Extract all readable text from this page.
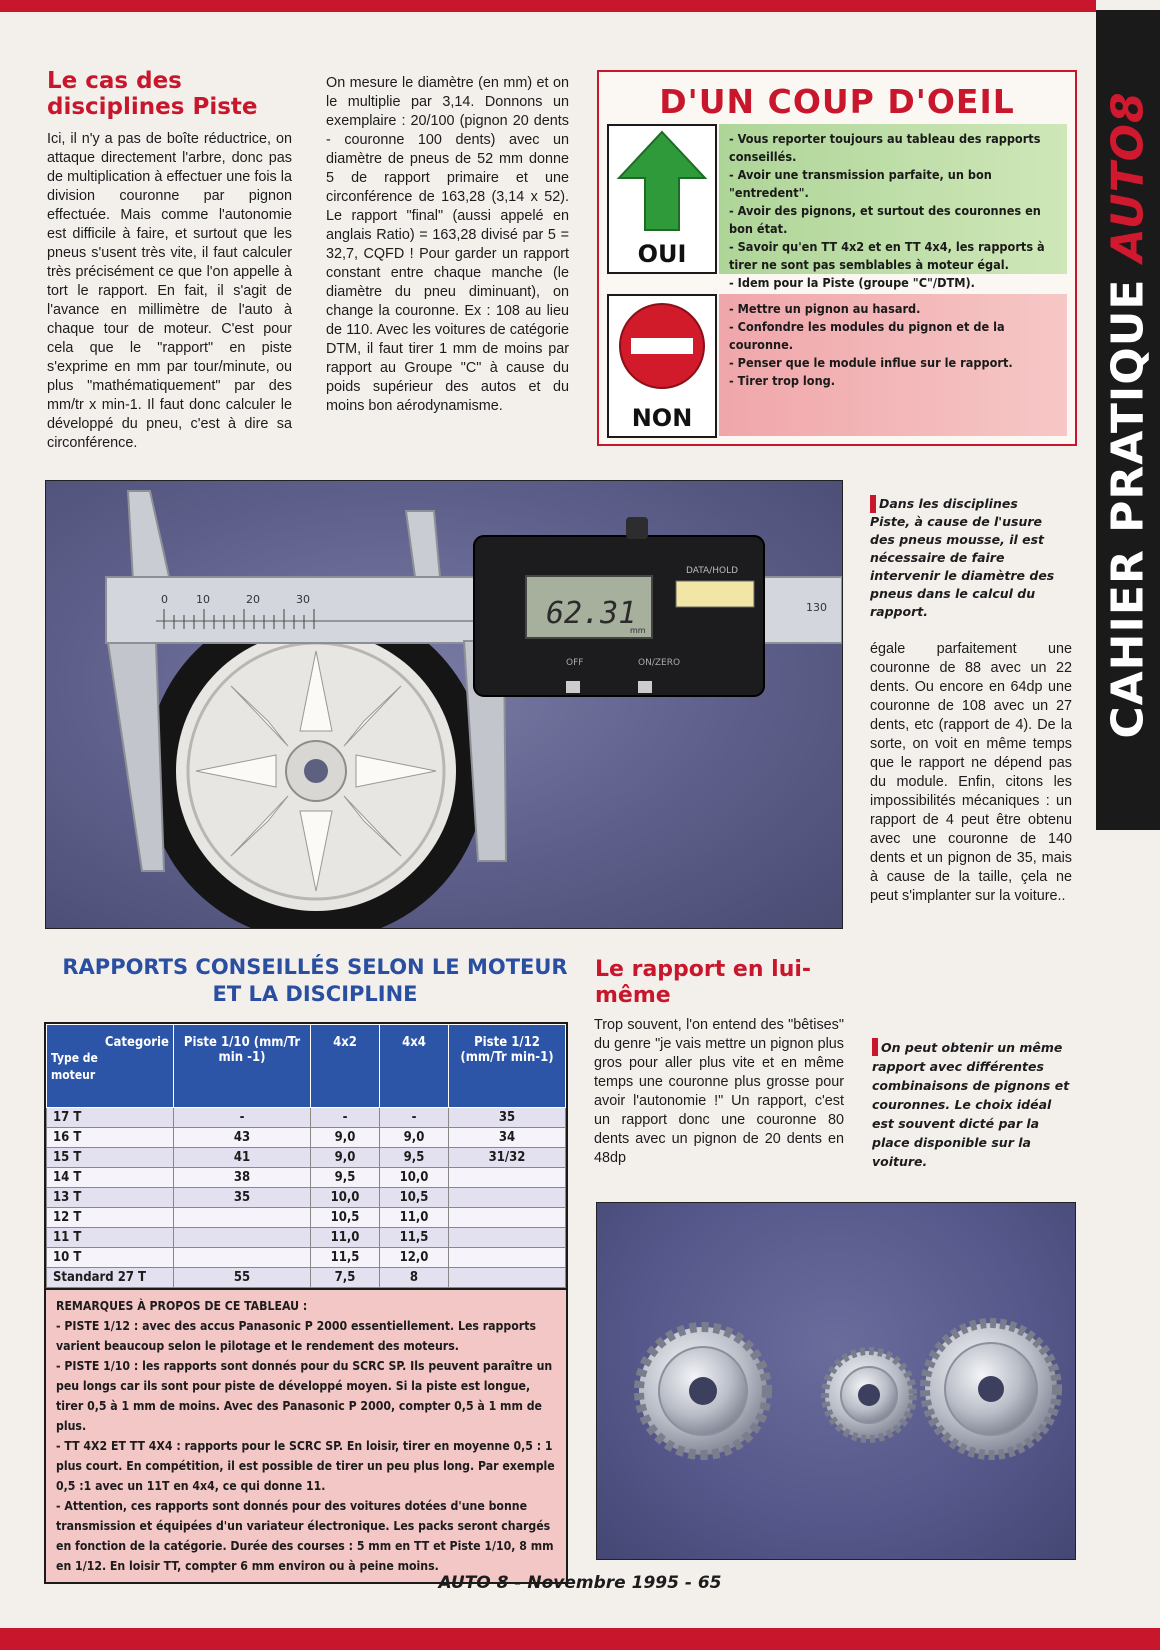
CAHIER PRATIQUE AUTO8
Le cas des disciplines Piste

Ici, il n'y a pas de boîte réductrice, on attaque directement l'arbre, donc pas de multiplication à effectuer une fois la division couronne par pignon effectuée. Mais comme l'autonomie est difficile à faire, et surtout que les pneus s'usent très vite, il faut calculer très précisément ce que l'on appelle à tort le rapport. En fait, il s'agit de l'avance en millimètre de l'auto à chaque tour de moteur. C'est pour cela que le "rapport" en piste s'exprime en mm par tour/minute, ou plus "mathématiquement" par des mm/tr x min-1. Il faut donc calculer le développé du pneu, c'est à dire sa circonférence.

On mesure le diamètre (en mm) et on le multiplie par 3,14. Donnons un exemplaire : 20/100 (pignon 20 dents - couronne 100 dents) avec un diamètre de pneus de 52 mm donne 5 de rapport primaire et une circonférence de 163,28 (3,14 x 52). Le rapport "final" (aussi appelé en anglais Ratio) = 163,28 divisé par 5 = 32,7, CQFD ! Pour garder un rapport constant entre chaque manche (le diamètre du pneu diminuant), on change la couronne. Ex : 108 au lieu de 110. Avec les voitures de catégorie DTM, il faut tirer 1 mm de moins par rapport au Groupe "C" à cause du poids supérieur des autos et du moins bon aérodynamisme.

D'UN COUP D'OEIL
OUI
- Vous reporter toujours au tableau des rapports conseillés.
- Avoir une transmission parfaite, un bon "entredent".
- Avoir des pignons, et surtout des couronnes en bon état.
- Savoir qu'en TT 4x2 et en TT 4x4, les rapports à tirer ne sont pas semblables à moteur égal.
- Idem pour la Piste (groupe "C"/DTM).
NON
- Mettre un pignon au hasard.
- Confondre les modules du pignon et de la couronne.
- Penser que le module influe sur le rapport.
- Tirer trop long.
0	10	20	30
130
62.31
mm
DATA/HOLD
OFF	ON/ZERO

Dans les disciplines Piste, à cause de l'usure des pneus mousse, il est nécessaire de faire intervenir le diamètre des pneus dans le calcul du rapport.

égale parfaitement une couronne de 88 avec un 22 dents. Ou encore en 64dp une couronne de 108 avec un 27 dents, etc (rapport de 4). De la sorte, on voit en même temps que le rapport ne dépend pas du module. Enfin, citons les impossibilités mécaniques : un rapport de 4 peut être obtenu avec une couronne de 140 dents et un pignon de 35, mais à cause de la taille, çela ne peut s'implanter sur la voiture..

RAPPORTS CONSEILLÉS SELON LE MOTEUR ET LA DISCIPLINE
Categorie
Type de moteur	Piste 1/10 (mm/Tr min -1)	4x2	4x4	Piste 1/12 (mm/Tr min-1)
17 T	-	-	-	35
16 T	43	9,0	9,0	34
15 T	41	9,0	9,5	31/32
14 T	38	9,5	10,0	
13 T	35	10,0	10,5	
12 T		10,5	11,0	
11 T		11,0	11,5	
10 T		11,5	12,0	
Standard 27 T	55	7,5	8	

REMARQUES À PROPOS DE CE TABLEAU :

- PISTE 1/12 : avec des accus Panasonic P 2000 essentiellement. Les rapports varient beaucoup selon le pilotage et le rendement des moteurs.

- PISTE 1/10 : les rapports sont donnés pour du SCRC SP. Ils peuvent paraître un peu longs car ils sont pour piste de développé moyen. Si la piste est longue, tirer 0,5 à 1 mm de moins. Avec des Panasonic P 2000, compter 0,5 à 1 mm de plus.

- TT 4X2 ET TT 4X4 : rapports pour le SCRC SP. En loisir, tirer en moyenne 0,5 : 1 plus court. En compétition, il est possible de tirer un peu plus long. Par exemple 0,5 :1 avec un 11T en 4x4, ce qui donne 11.

- Attention, ces rapports sont donnés pour des voitures dotées d'une bonne transmission et équipées d'un variateur électronique. Les packs seront chargés en fonction de la catégorie. Durée des courses : 5 mm en TT et Piste 1/10, 8 mm en 1/12. En loisir TT, compter 6 mm environ ou à peine moins.

Le rapport en lui-même

Trop souvent, l'on entend des "bêtises" du genre "je vais mettre un pignon plus gros pour aller plus vite et en même temps une couronne plus grosse pour avoir l'autonomie !" Un rapport, c'est un rapport donc une couronne 80 dents avec un pignon de 20 dents en 48dp

On peut obtenir un même rapport avec différentes combinaisons de pignons et couronnes. Le choix idéal est souvent dicté par la place disponible sur la voiture.

AUTO 8 - Novembre 1995 - 65
